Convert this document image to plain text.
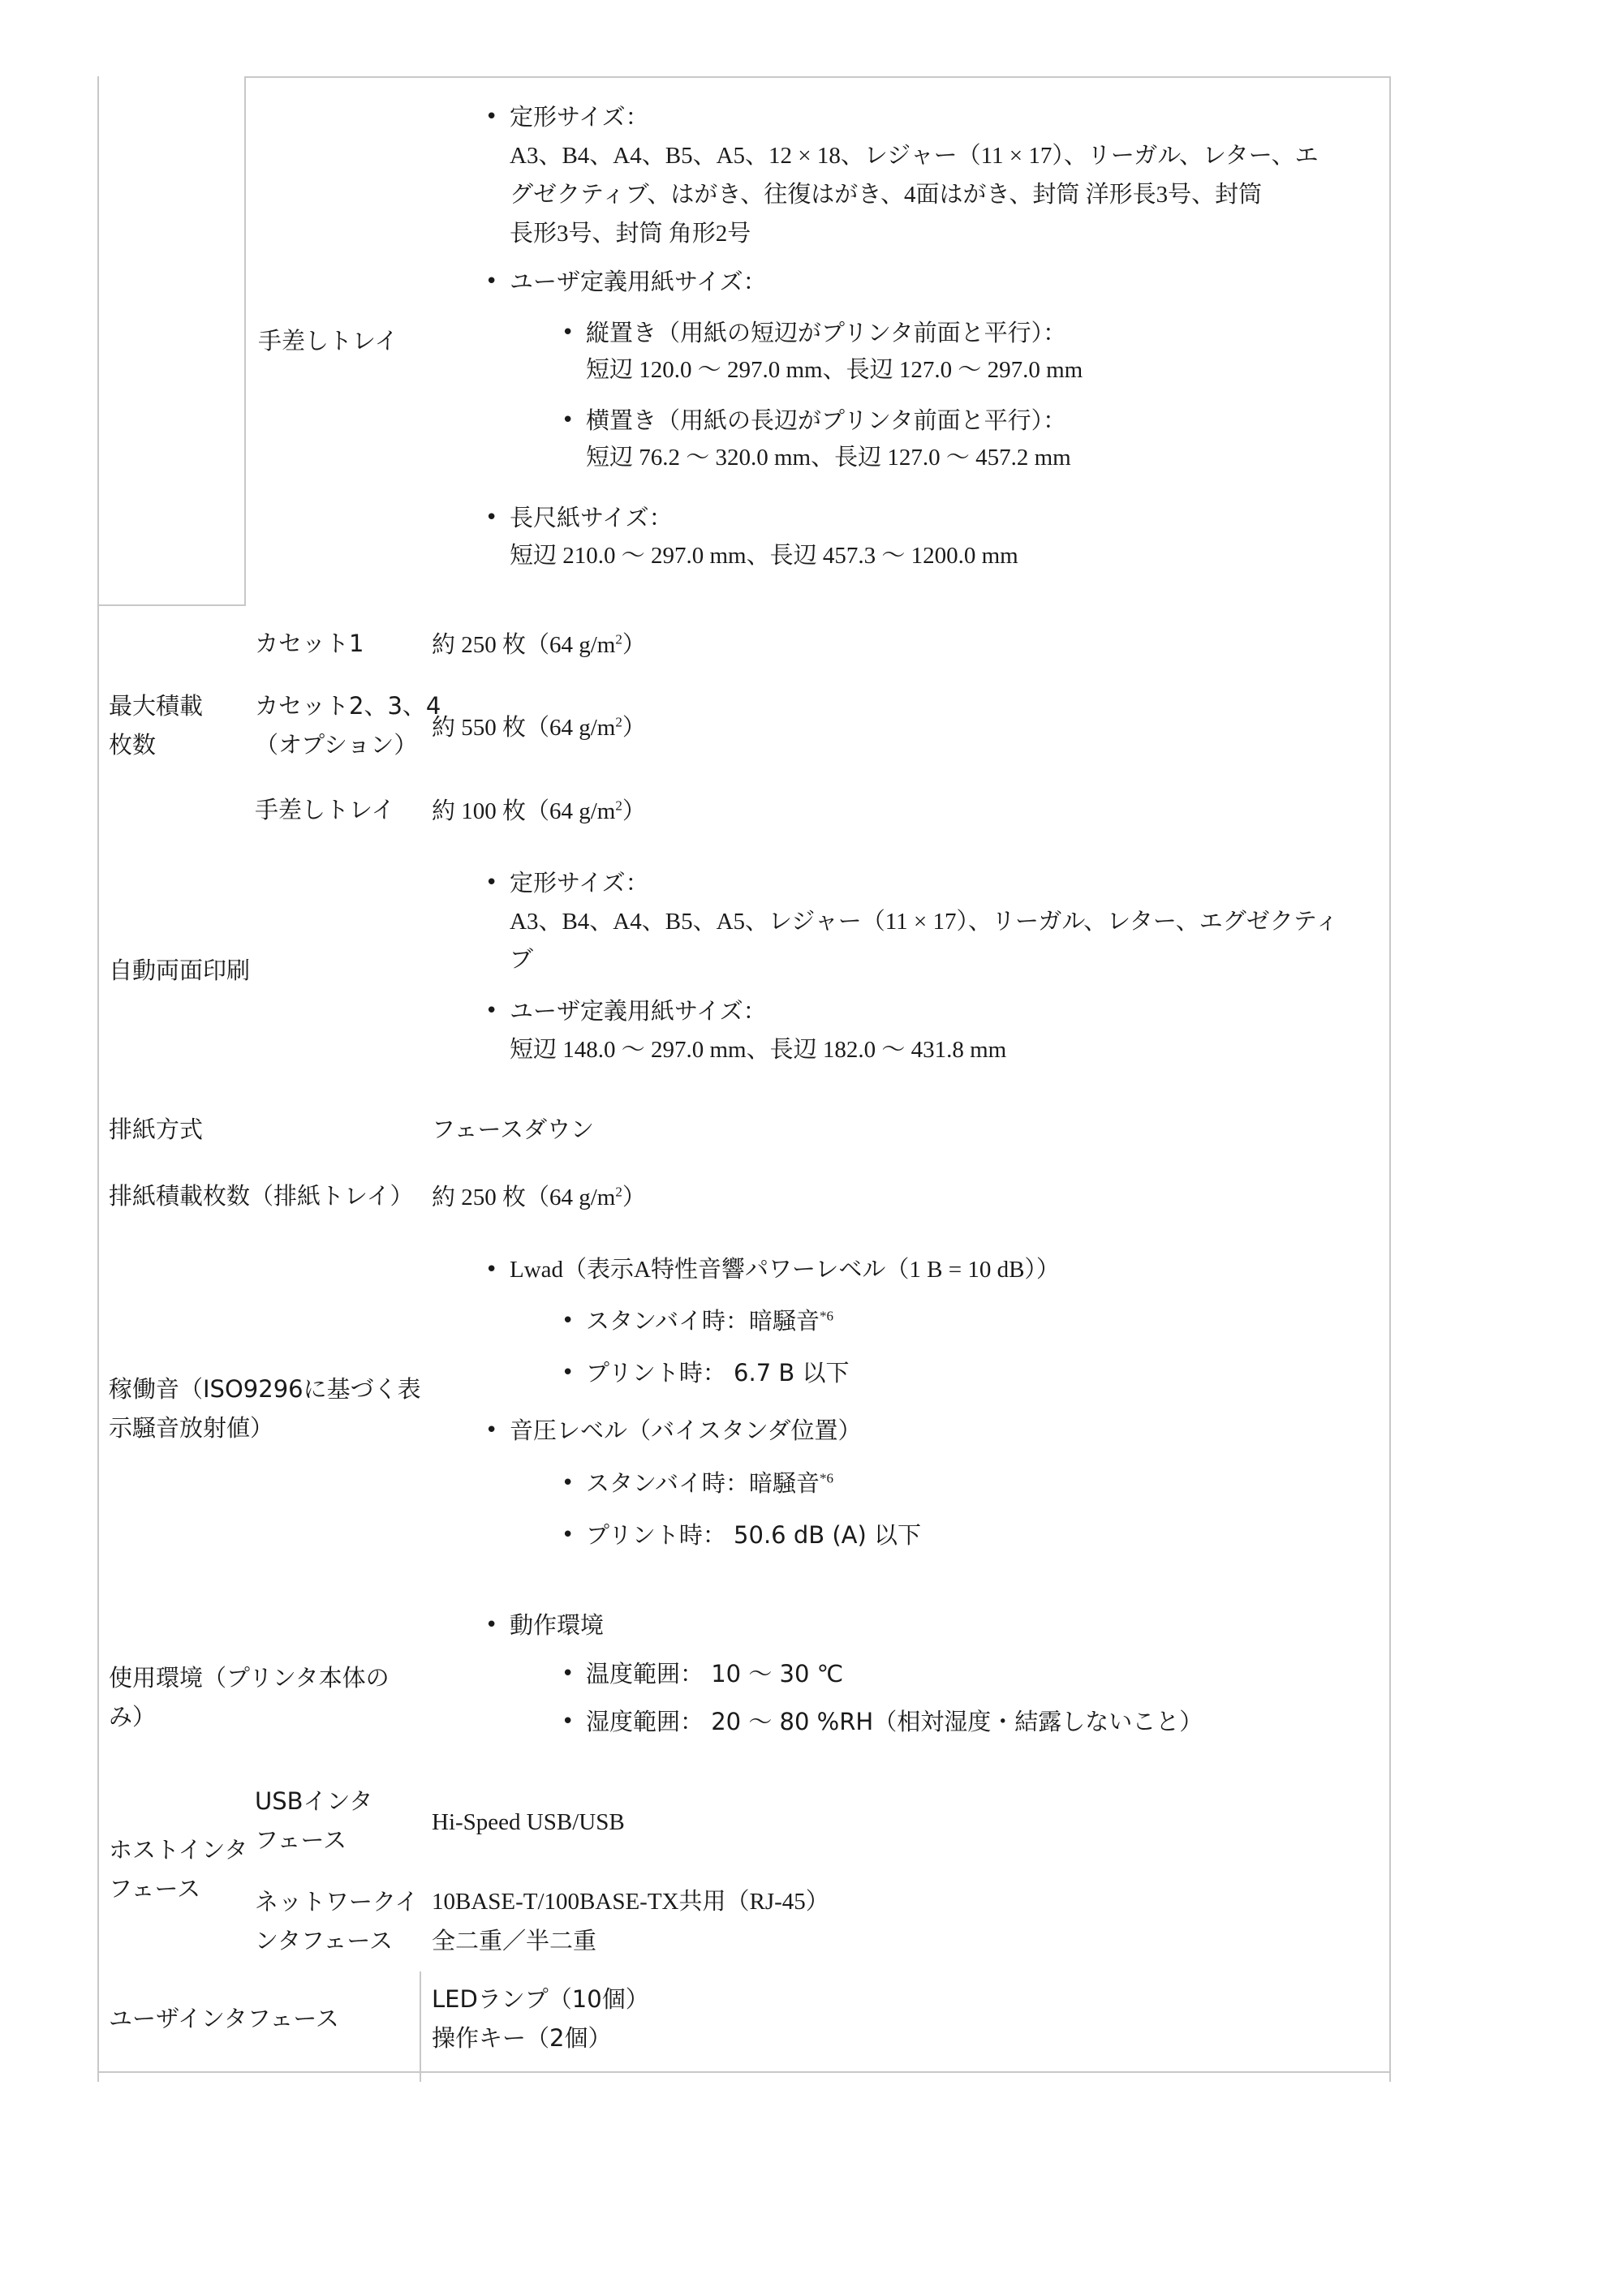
手差しトレイ
• 定形サイズ：
A3、B4、A4、B5、A5、12 × 18、レジャー（11 × 17）、リーガル、レター、エ
グゼクティブ、はがき、往復はがき、4面はがき、封筒 洋形長3号、封筒
長形3号、封筒 角形2号
• ユーザ定義用紙サイズ：
• 縦置き（用紙の短辺がプリンタ前面と平行）：
短辺 120.0 〜 297.0 mm、長辺 127.0 〜 297.0 mm
• 横置き（用紙の長辺がプリンタ前面と平行）：
短辺 76.2 〜 320.0 mm、長辺 127.0 〜 457.2 mm
• 長尺紙サイズ：
短辺 210.0 〜 297.0 mm、長辺 457.3 〜 1200.0 mm
最大積載
枚数
カセット1	約 250 枚（64 $g/m^2$）
カセット2、3、4
（オプション）
約 550 枚（64 $g/m^2$）
手差しトレイ 約 100 枚（64 $g/m^2$）
自動両面印刷
• 定形サイズ：
A3、B4、A4、B5、A5、レジャー（11 × 17）、リーガル、レター、エグゼクティ
ブ
• ユーザ定義用紙サイズ：
短辺 148.0 〜 297.0 mm、長辺 182.0 〜 431.8 mm
排紙方式	フェースダウン
排紙積載枚数（排紙トレイ） 約 250 枚（64 $g/m^2$）
稼働音（ISO9296に基づく表
示騒音放射値）
• Lwad（表示A特性音響パワーレベル（1 B = 10 dB））
• スタンバイ時：暗騒音$^{*6}$
• プリント時： 6.7 B 以下
• 音圧レベル（バイスタンダ位置）
• スタンバイ時：暗騒音$^{*6}$
• プリント時： 50.6 dB (A) 以下
使用環境（プリンタ本体の
み）
• 動作環境
• 温度範囲： 10 〜 30 ℃
• 湿度範囲： 20 〜 80 %RH（相対湿度・結露しないこと）
ホストインタ
フェース
USBインタ
フェース
Hi-Speed USB/USB
ネットワークイ
ンタフェース
10BASE-T/100BASE-TX共用（RJ-45）
全二重／半二重
ユーザインタフェース
LEDランプ（10個）
操作キー（2個）
